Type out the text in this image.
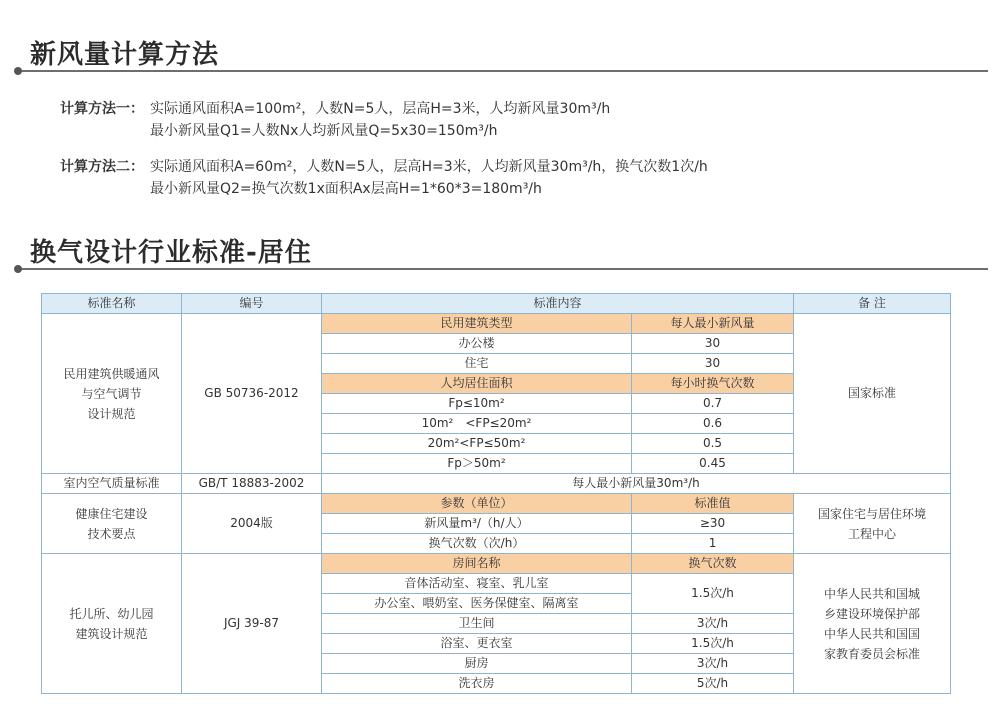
新风量计算方法
计算方法一： 实际通风面积A=100m²，人数N=5人，层高H=3米，人均新风量30m³/h
最小新风量Q1=人数Nx人均新风量Q=5x30=150m³/h
计算方法二： 实际通风面积A=60m²，人数N=5人，层高H=3米，人均新风量30m³/h，换气次数1次/h
最小新风量Q2=换气次数1x面积Ax层高H=1*60*3=180m³/h
换气设计行业标准-居住
标准名称	编号	标准内容		备 注
民用建筑供暖通风
与空气调节
设计规范	GB 50736-2012	民用建筑类型	每人最小新风量	国家标准
		办公楼	30	
		住宅	30	
		人均居住面积	每小时换气次数	
		Fp≤10m²	0.7	
		10m²　<FP≤20m²	0.6	
		20m²<FP≤50m²	0.5	
		Fp＞50m²	0.45	
室内空气质量标准	GB/T 18883-2002	每人最小新风量30m³/h		
健康住宅建设
技术要点	2004版	参数（单位）	标准值	国家住宅与居住环境
工程中心
		新风量m³/（h/人）	≥30	
		换气次数（次/h）	1	
托儿所、幼儿园
建筑设计规范	JGJ 39-87	房间名称	换气次数	中华人民共和国城
乡建设环境保护部
中华人民共和国国
家教育委员会标准
		音体活动室、寝室、乳儿室	1.5次/h	
		办公室、喂奶室、医务保健室、隔离室		
		卫生间	3次/h	
		浴室、更衣室	1.5次/h	
		厨房	3次/h	
		洗衣房	5次/h	
